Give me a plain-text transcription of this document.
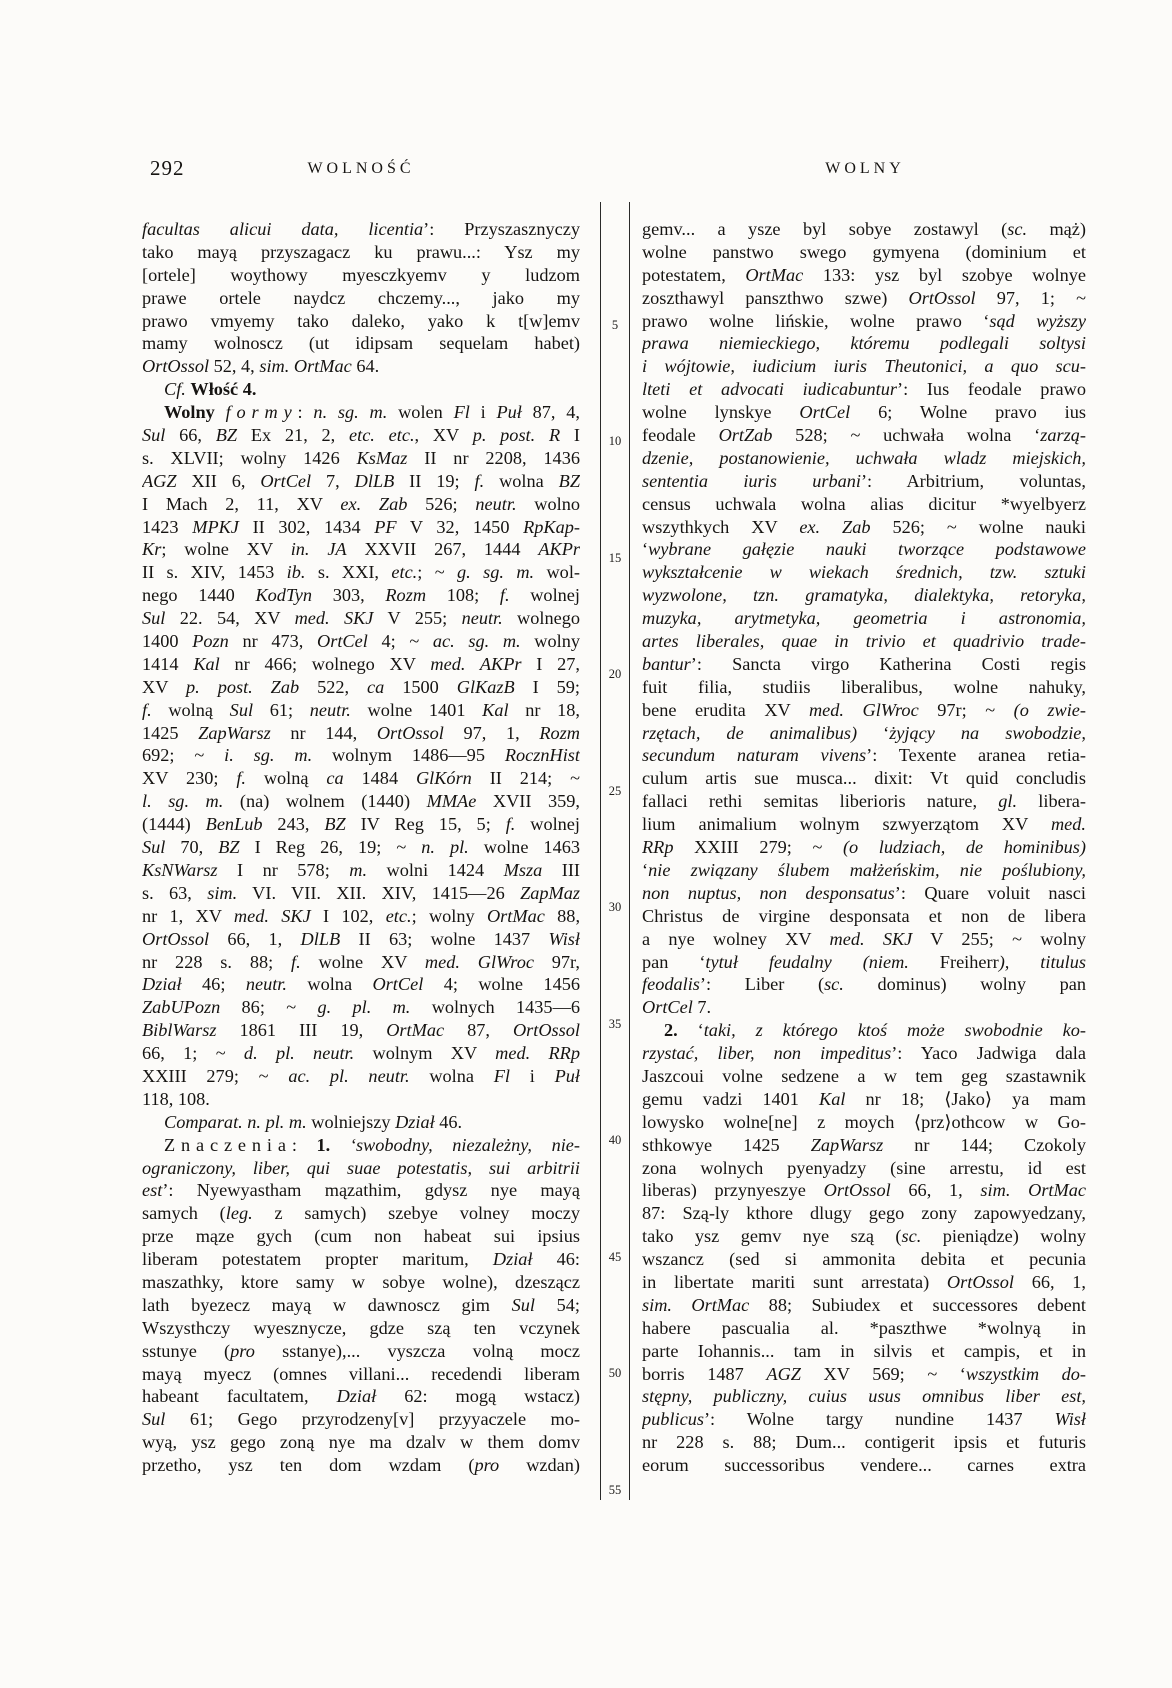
292	WOLNOŚĆ	WOLNY
facultas alicui data, licentia’: Przyszasznyczy
tako mayą przyszagacz ku prawu...: Ysz my
[ortele] woythowy myesczkyemv y ludzom
prawe ortele naydcz chczemy..., jako my
prawo vmyemy tako daleko, yako k t[w]emv
mamy wolnoscz (ut idipsam sequelam habet)
OrtOssol 52, 4, sim. OrtMac 64.
Cf. Włość 4.
Wolny formy: n. sg. m. wolen Fl i Puł 87, 4,
Sul 66, BZ Ex 21, 2, etc. etc., XV p. post. R I
s. XLVII; wolny 1426 KsMaz II nr 2208, 1436
AGZ XII 6, OrtCel 7, DlLB II 19; f. wolna BZ
I Mach 2, 11, XV ex. Zab 526; neutr. wolno
1423 MPKJ II 302, 1434 PF V 32, 1450 RpKap-
Kr; wolne XV in. JA XXVII 267, 1444 AKPr
II s. XIV, 1453 ib. s. XXI, etc.; ~ g. sg. m. wol-
nego 1440 KodTyn 303, Rozm 108; f. wolnej
Sul 22. 54, XV med. SKJ V 255; neutr. wolnego
1400 Pozn nr 473, OrtCel 4; ~ ac. sg. m. wolny
1414 Kal nr 466; wolnego XV med. AKPr I 27,
XV p. post. Zab 522, ca 1500 GlKazB I 59;
f. wolną Sul 61; neutr. wolne 1401 Kal nr 18,
1425 ZapWarsz nr 144, OrtOssol 97, 1, Rozm
692; ~ i. sg. m. wolnym 1486—95 RocznHist
XV 230; f. wolną ca 1484 GlKórn II 214; ~
l. sg. m. (na) wolnem (1440) MMAe XVII 359,
(1444) BenLub 243, BZ IV Reg 15, 5; f. wolnej
Sul 70, BZ I Reg 26, 19; ~ n. pl. wolne 1463
KsNWarsz I nr 578; m. wolni 1424 Msza III
s. 63, sim. VI. VII. XII. XIV, 1415—26 ZapMaz
nr 1, XV med. SKJ I 102, etc.; wolny OrtMac 88,
OrtOssol 66, 1, DlLB II 63; wolne 1437 Wisł
nr 228 s. 88; f. wolne XV med. GlWroc 97r,
Dział 46; neutr. wolna OrtCel 4; wolne 1456
ZabUPozn 86; ~ g. pl. m. wolnych 1435—6
BiblWarsz 1861 III 19, OrtMac 87, OrtOssol
66, 1; ~ d. pl. neutr. wolnym XV med. RRp
XXIII 279; ~ ac. pl. neutr. wolna Fl i Puł
118, 108.
Comparat. n. pl. m. wolniejszy Dział 46.
Znaczenia: 1. ‘swobodny, niezależny, nie-
ograniczony, liber, qui suae potestatis, sui arbitrii
est’: Nyewyastham mązathim, gdysz nye mayą
samych (leg. z samych) szebye volney moczy
prze mąze gych (cum non habeat sui ipsius
liberam potestatem propter maritum, Dział 46:
maszathky, ktore samy w sobye wolne), dzeszącz
lath byezecz mayą w dawnoscz gim Sul 54;
Wszysthczy wyesznycze, gdze szą ten vczynek
sstunye (pro sstanye),... vyszcza volną mocz
mayą myecz (omnes villani... recedendi liberam
habeant facultatem, Dział 62: mogą wstacz)
Sul 61; Gego przyrodzeny[v] przyyaczele mo-
wyą, ysz gego zoną nye ma dzalv w them domv
przetho, ysz ten dom wzdam (pro wzdan)
5
10
15
20
25
30
35
40
45
50
55
gemv... a ysze byl sobye zostawyl (sc. mąż)
wolne panstwo swego gymyena (dominium et
potestatem, OrtMac 133: ysz byl szobye wolnye
zoszthawyl panszthwo szwe) OrtOssol 97, 1; ~
prawo wolne lińskie, wolne prawo ‘sąd wyższy
prawa niemieckiego, któremu podlegali soltysi
i wójtowie, iudicium iuris Theutonici, a quo scu-
lteti et advocati iudicabuntur’: Ius feodale prawo
wolne lynskye OrtCel 6; Wolne pravo ius
feodale OrtZab 528; ~ uchwała wolna ‘zarzą-
dzenie, postanowienie, uchwała wladz miejskich,
sententia iuris urbani’: Arbitrium, voluntas,
census uchwala wolna alias dicitur *wyelbyerz
wszythkych XV ex. Zab 526; ~ wolne nauki
‘wybrane gałęzie nauki tworzące podstawowe
wykształcenie w wiekach średnich, tzw. sztuki
wyzwolone, tzn. gramatyka, dialektyka, retoryka,
muzyka, arytmetyka, geometria i astronomia,
artes liberales, quae in trivio et quadrivio trade-
bantur’: Sancta virgo Katherina Costi regis
fuit filia, studiis liberalibus, wolne nahuky,
bene erudita XV med. GlWroc 97r; ~ (o zwie-
rzętach, de animalibus) ‘żyjący na swobodzie,
secundum naturam vivens’: Texente aranea retia-
culum artis sue musca... dixit: Vt quid concludis
fallaci rethi semitas liberioris nature, gl. libera-
lium animalium wolnym szwyerzątom XV med.
RRp XXIII 279; ~ (o ludziach, de hominibus)
‘nie związany ślubem małżeńskim, nie poślubiony,
non nuptus, non desponsatus’: Quare voluit nasci
Christus de virgine desponsata et non de libera
a nye wolney XV med. SKJ V 255; ~ wolny
pan ‘tytuł feudalny (niem. Freiherr), titulus
feodalis’: Liber (sc. dominus) wolny pan
OrtCel 7.
2. ‘taki, z którego ktoś może swobodnie ko-
rzystać, liber, non impeditus’: Yaco Jadwiga dala
Jaszcoui volne sedzene a w tem geg szastawnik
gemu vadzi 1401 Kal nr 18; ⟨Jako⟩ ya mam
lowysko wolne[ne] z moych ⟨prz⟩othcow w Go-
sthkowye 1425 ZapWarsz nr 144; Czokoly
zona wolnych pyenyadzy (sine arrestu, id est
liberas) przynyeszye OrtOssol 66, 1, sim. OrtMac
87: Szą-ly kthore dlugy gego zony zapowyedzany,
tako ysz gemv nye szą (sc. pieniądze) wolny
wszancz (sed si ammonita debita et pecunia
in libertate mariti sunt arrestata) OrtOssol 66, 1,
sim. OrtMac 88; Subiudex et successores debent
habere pascualia al. *paszthwe *wolnyą in
parte Iohannis... tam in silvis et campis, et in
borris 1487 AGZ XV 569; ~ ‘wszystkim do-
stępny, publiczny, cuius usus omnibus liber est,
publicus’: Wolne targy nundine 1437 Wisł
nr 228 s. 88; Dum... contigerit ipsis et futuris
eorum successoribus vendere... carnes extra
